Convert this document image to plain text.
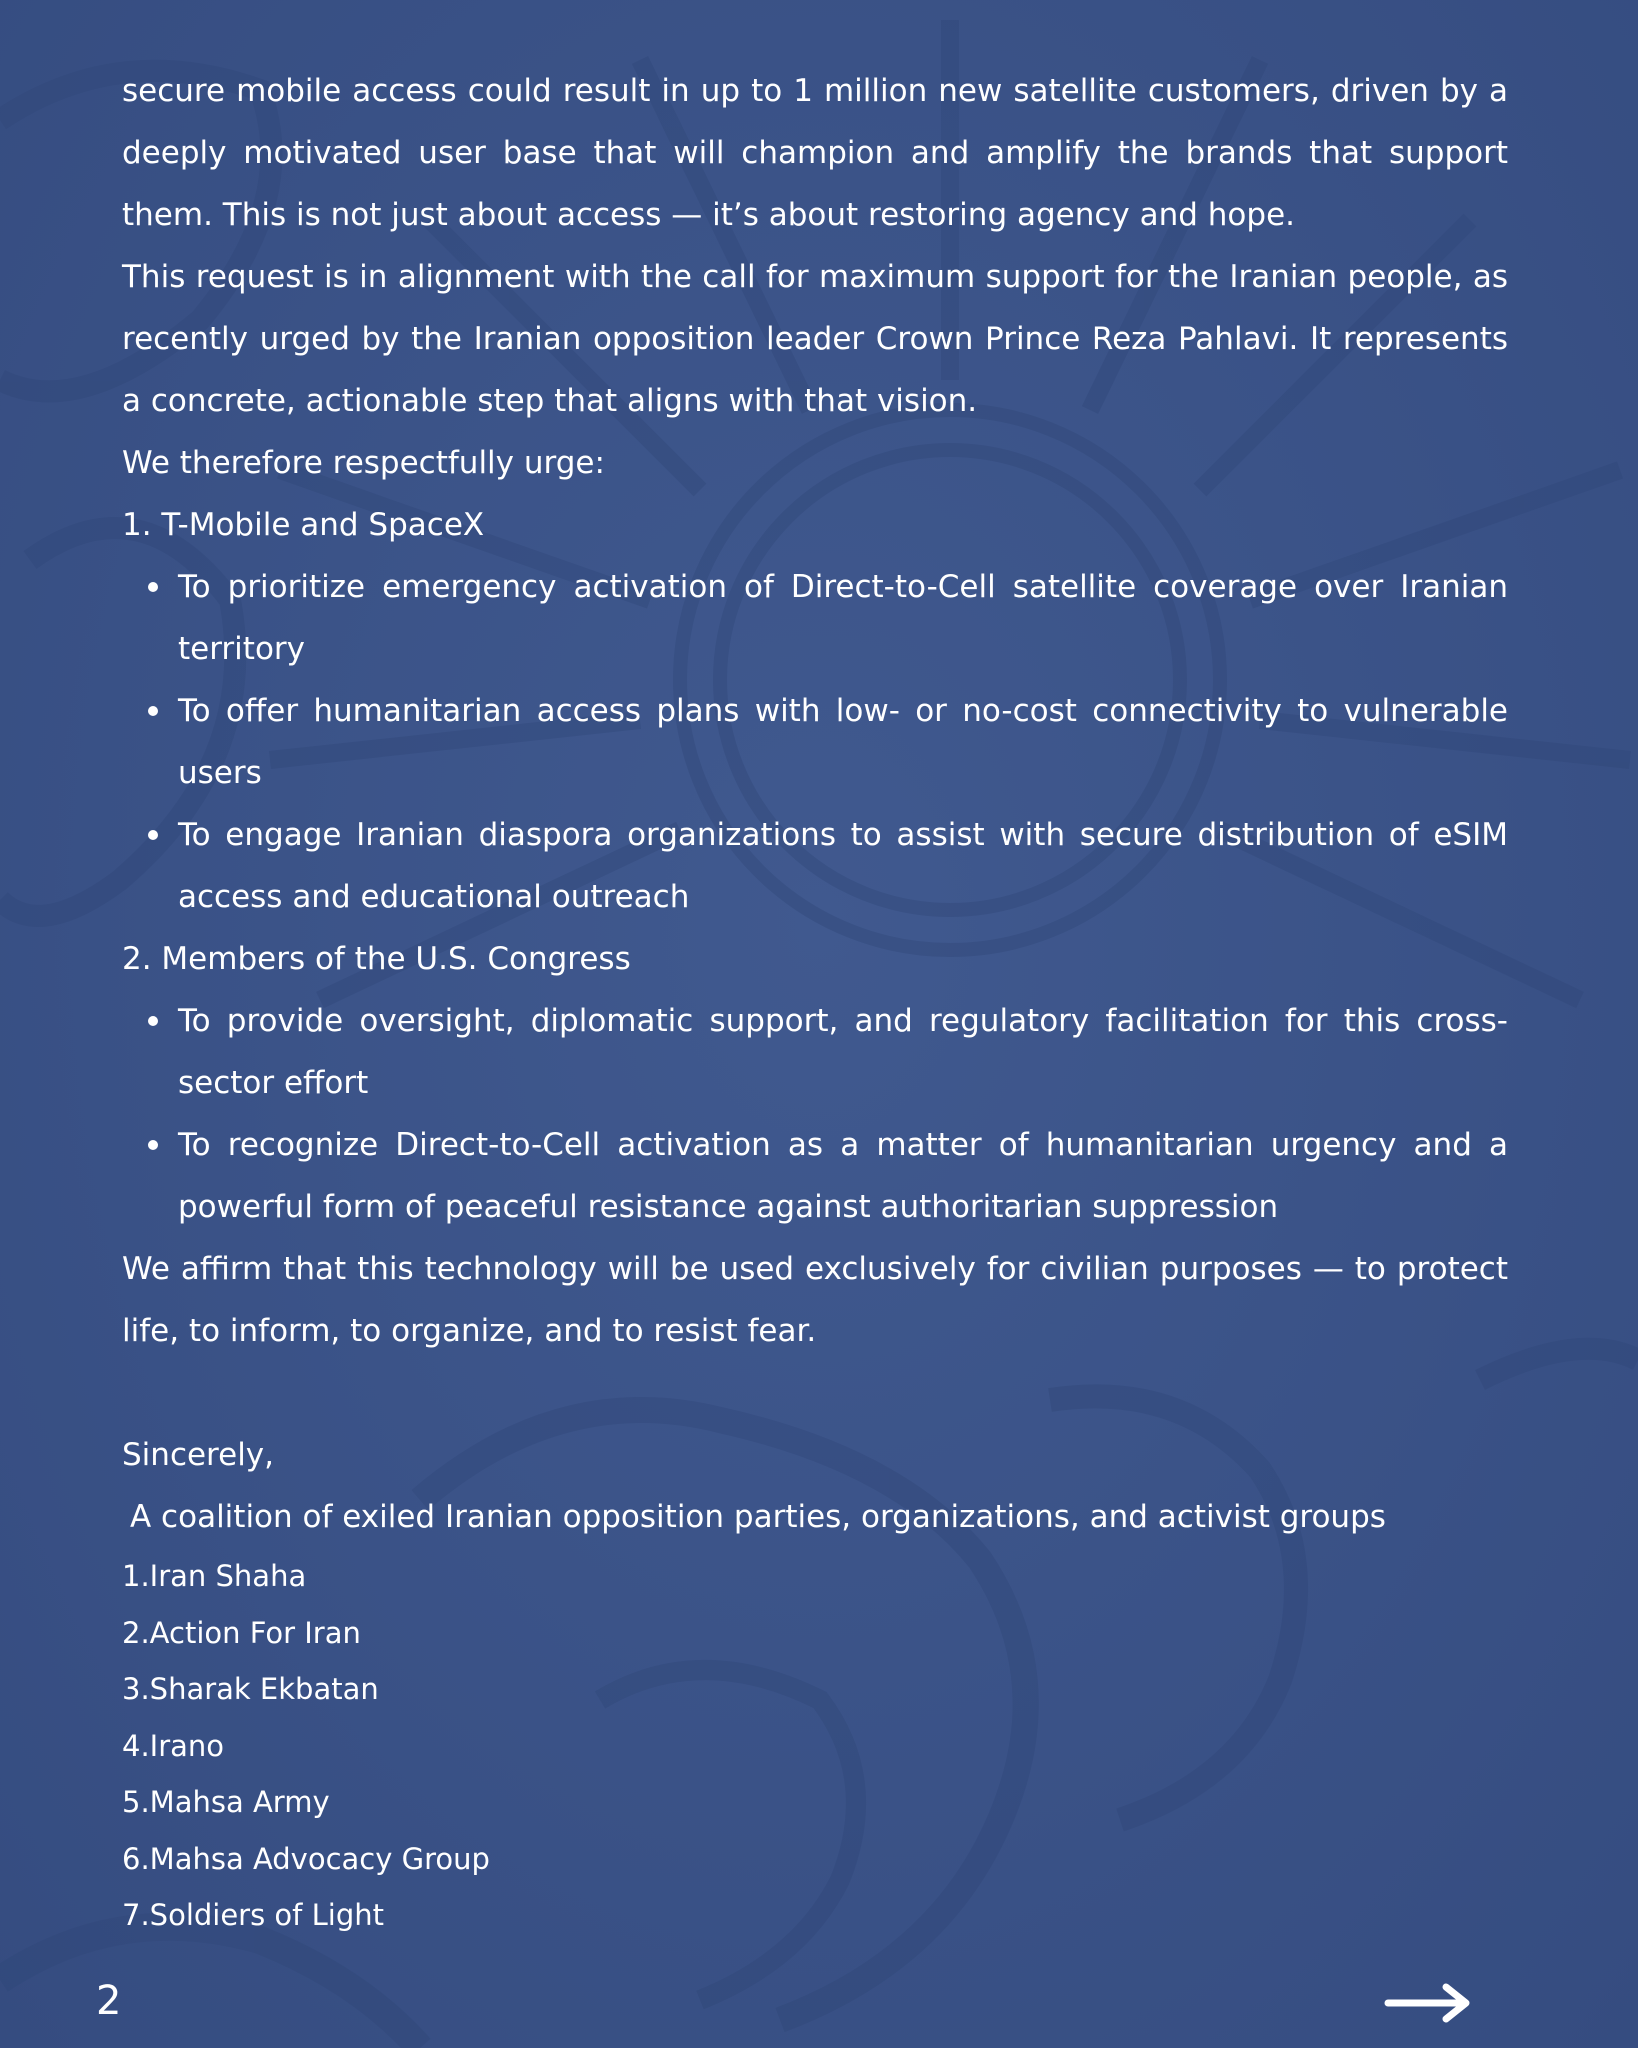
secure mobile access could result in up to 1 million new satellite customers, driven by a deeply motivated user base that will champion and amplify the brands that support them. This is not just about access — it’s about restoring agency and hope.

This request is in alignment with the call for maximum support for the Iranian people, as recently urged by the Iranian opposition leader Crown Prince Reza Pahlavi. It represents a concrete, actionable step that aligns with that vision.

We therefore respectfully urge:

1. T-Mobile and SpaceX

To prioritize emergency activation of Direct-to-Cell satellite coverage over Iranian territory
To offer humanitarian access plans with low- or no-cost connectivity to vulnerable users
To engage Iranian diaspora organizations to assist with secure distribution of eSIM access and educational outreach

2. Members of the U.S. Congress

To provide oversight, diplomatic support, and regulatory facilitation for this cross-sector effort
To recognize Direct-to-Cell activation as a matter of humanitarian urgency and a powerful form of peaceful resistance against authoritarian suppression

We affirm that this technology will be used exclusively for civilian purposes — to protect life, to inform, to organize, and to resist fear.

Sincerely,

A coalition of exiled Iranian opposition parties, organizations, and activist groups

1.Iran Shaha
2.Action For Iran
3.Sharak Ekbatan
4.Irano
5.Mahsa Army
6.Mahsa Advocacy Group
7.Soldiers of Light
2
